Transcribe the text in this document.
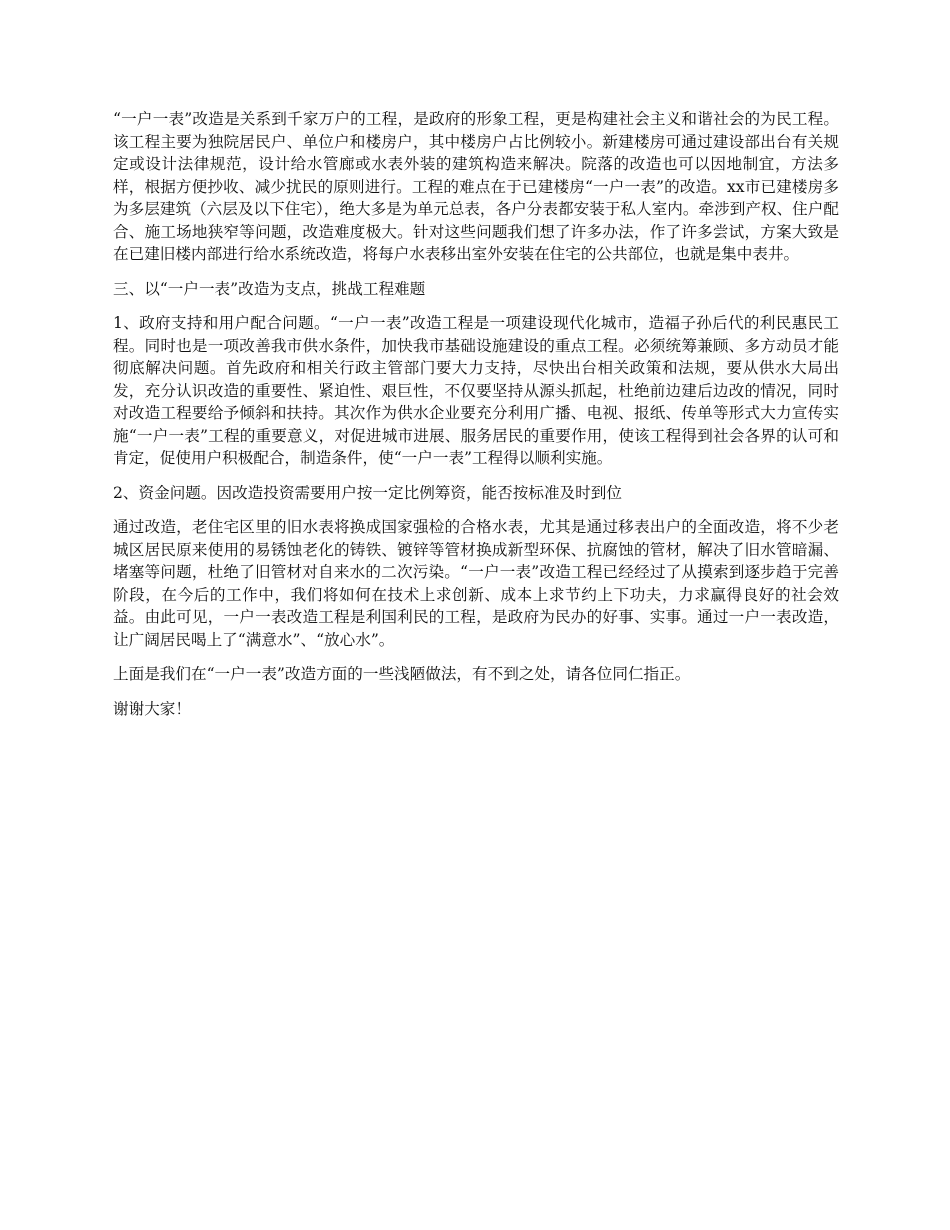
“一户一表”改造是关系到千家万户的工程，是政府的形象工程，更是构建社会主义和谐社会的为民工程。该工程主要为独院居民户、单位户和楼房户，其中楼房户占比例较小。新建楼房可通过建设部出台有关规定或设计法律规范，设计给水管廊或水表外装的建筑构造来解决。院落的改造也可以因地制宜，方法多样，根据方便抄收、减少扰民的原则进行。工程的难点在于已建楼房“一户一表”的改造。xx市已建楼房多为多层建筑（六层及以下住宅），绝大多是为单元总表，各户分表都安装于私人室内。牵涉到产权、住户配合、施工场地狭窄等问题，改造难度极大。针对这些问题我们想了许多办法，作了许多尝试，方案大致是在已建旧楼内部进行给水系统改造，将每户水表移出室外安装在住宅的公共部位，也就是集中表井。

三、以“一户一表”改造为支点，挑战工程难题

1、政府支持和用户配合问题。“一户一表”改造工程是一项建设现代化城市，造福子孙后代的利民惠民工程。同时也是一项改善我市供水条件，加快我市基础设施建设的重点工程。必须统筹兼顾、多方动员才能彻底解决问题。首先政府和相关行政主管部门要大力支持，尽快出台相关政策和法规，要从供水大局出发，充分认识改造的重要性、紧迫性、艰巨性，不仅要坚持从源头抓起，杜绝前边建后边改的情况，同时对改造工程要给予倾斜和扶持。其次作为供水企业要充分利用广播、电视、报纸、传单等形式大力宣传实施“一户一表”工程的重要意义，对促进城市进展、服务居民的重要作用，使该工程得到社会各界的认可和肯定，促使用户积极配合，制造条件，使“一户一表”工程得以顺利实施。

2、资金问题。因改造投资需要用户按一定比例筹资，能否按标准及时到位

通过改造，老住宅区里的旧水表将换成国家强检的合格水表，尤其是通过移表出户的全面改造，将不少老城区居民原来使用的易锈蚀老化的铸铁、镀锌等管材换成新型环保、抗腐蚀的管材，解决了旧水管暗漏、堵塞等问题，杜绝了旧管材对自来水的二次污染。“一户一表”改造工程已经经过了从摸索到逐步趋于完善阶段，在今后的工作中，我们将如何在技术上求创新、成本上求节约上下功夫，力求赢得良好的社会效益。由此可见，一户一表改造工程是利国利民的工程，是政府为民办的好事、实事。通过一户一表改造，让广阔居民喝上了“满意水”、“放心水”。

上面是我们在“一户一表”改造方面的一些浅陋做法，有不到之处，请各位同仁指正。

谢谢大家！
